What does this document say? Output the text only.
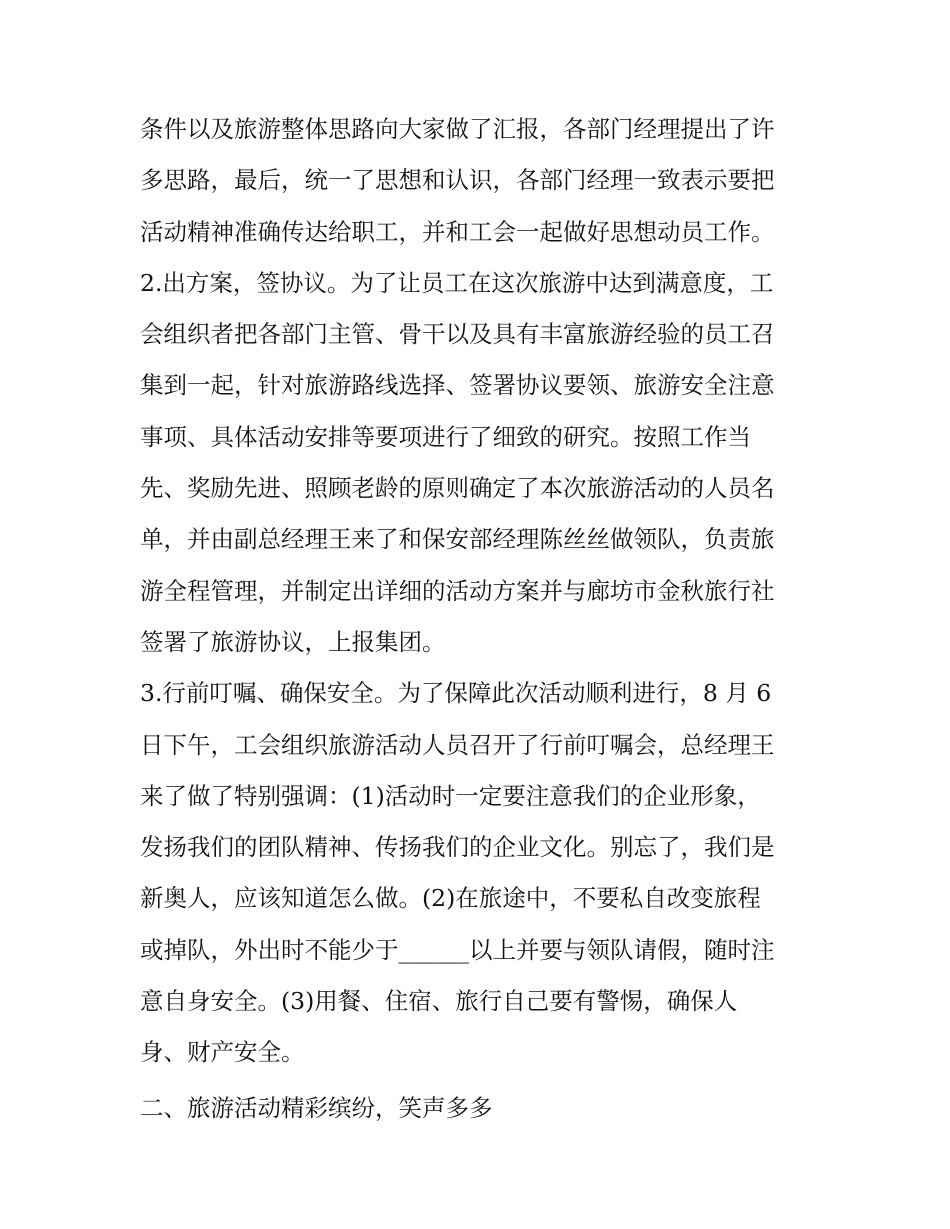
条件以及旅游整体思路向大家做了汇报，各部门经理提出了许
多思路，最后，统一了思想和认识，各部门经理一致表示要把
活动精神准确传达给职工，并和工会一起做好思想动员工作。
2.出方案，签协议。为了让员工在这次旅游中达到满意度，工
会组织者把各部门主管、骨干以及具有丰富旅游经验的员工召
集到一起，针对旅游路线选择、签署协议要领、旅游安全注意
事项、具体活动安排等要项进行了细致的研究。按照工作当
先、奖励先进、照顾老龄的原则确定了本次旅游活动的人员名
单，并由副总经理王来了和保安部经理陈丝丝做领队，负责旅
游全程管理，并制定出详细的活动方案并与廊坊市金秋旅行社
签署了旅游协议，上报集团。
3.行前叮嘱、确保安全。为了保障此次活动顺利进行，8 月 6
日下午，工会组织旅游活动人员召开了行前叮嘱会，总经理王
来了做了特别强调：(1)活动时一定要注意我们的企业形象，
发扬我们的团队精神、传扬我们的企业文化。别忘了，我们是
新奥人，应该知道怎么做。(2)在旅途中，不要私自改变旅程
或掉队，外出时不能少于______以上并要与领队请假，随时注
意自身安全。(3)用餐、住宿、旅行自己要有警惕，确保人
身、财产安全。
二、旅游活动精彩缤纷，笑声多多
